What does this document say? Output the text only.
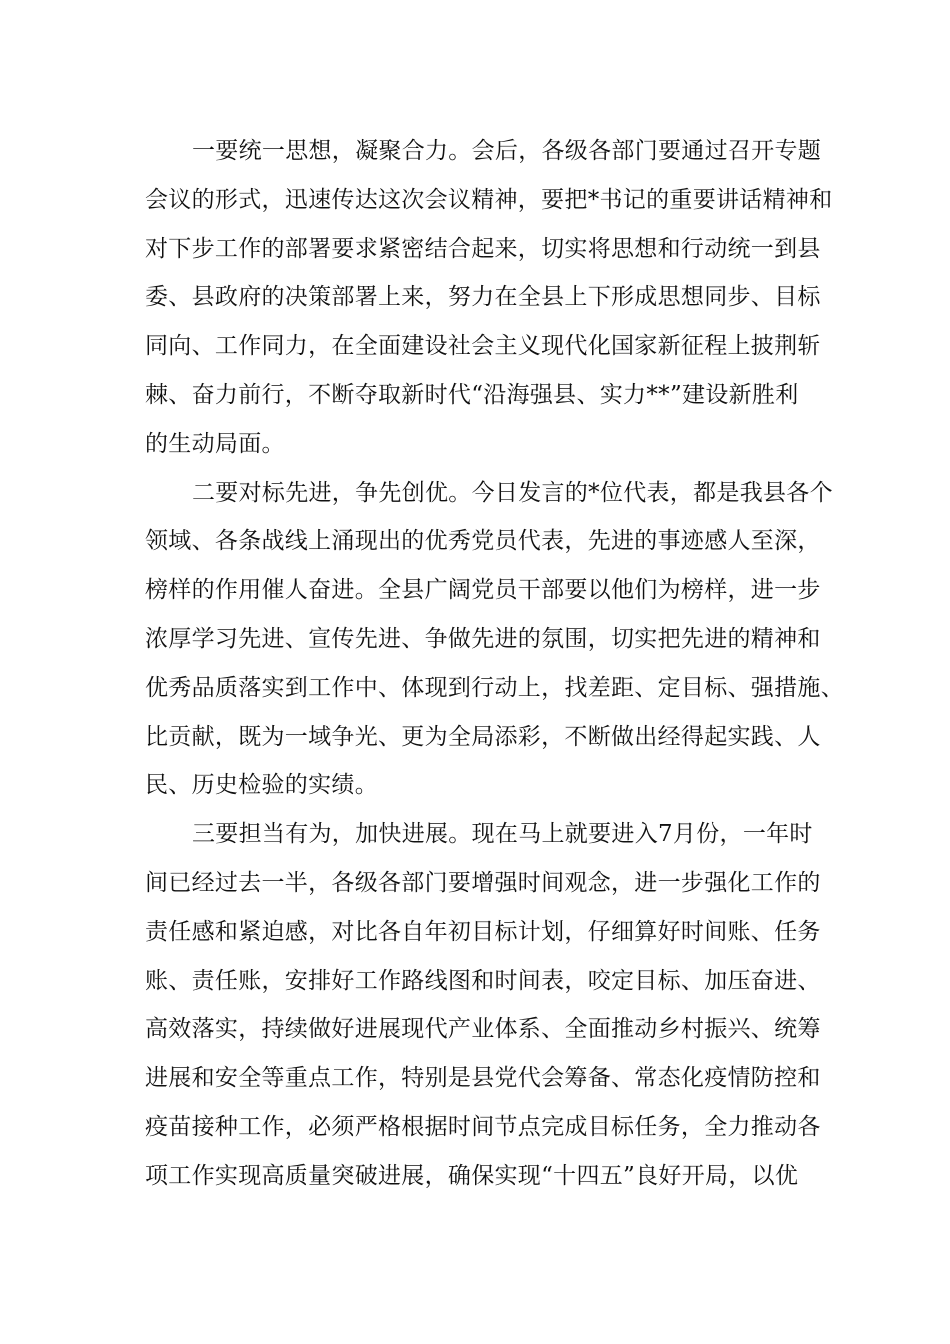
一要统一思想，凝聚合力。会后，各级各部门要通过召开专题
会议的形式，迅速传达这次会议精神，要把*书记的重要讲话精神和
对下步工作的部署要求紧密结合起来，切实将思想和行动统一到县
委、县政府的决策部署上来，努力在全县上下形成思想同步、目标
同向、工作同力，在全面建设社会主义现代化国家新征程上披荆斩
棘、奋力前行，不断夺取新时代“沿海强县、实力**”建设新胜利
的生动局面。
二要对标先进，争先创优。今日发言的*位代表，都是我县各个
领域、各条战线上涌现出的优秀党员代表，先进的事迹感人至深，
榜样的作用催人奋进。全县广阔党员干部要以他们为榜样，进一步
浓厚学习先进、宣传先进、争做先进的氛围，切实把先进的精神和
优秀品质落实到工作中、体现到行动上，找差距、定目标、强措施、
比贡献，既为一域争光、更为全局添彩，不断做出经得起实践、人
民、历史检验的实绩。
三要担当有为，加快进展。现在马上就要进入7月份，一年时
间已经过去一半，各级各部门要增强时间观念，进一步强化工作的
责任感和紧迫感，对比各自年初目标计划，仔细算好时间账、任务
账、责任账，安排好工作路线图和时间表，咬定目标、加压奋进、
高效落实，持续做好进展现代产业体系、全面推动乡村振兴、统筹
进展和安全等重点工作，特别是县党代会筹备、常态化疫情防控和
疫苗接种工作，必须严格根据时间节点完成目标任务，全力推动各
项工作实现高质量突破进展，确保实现“十四五”良好开局，以优
